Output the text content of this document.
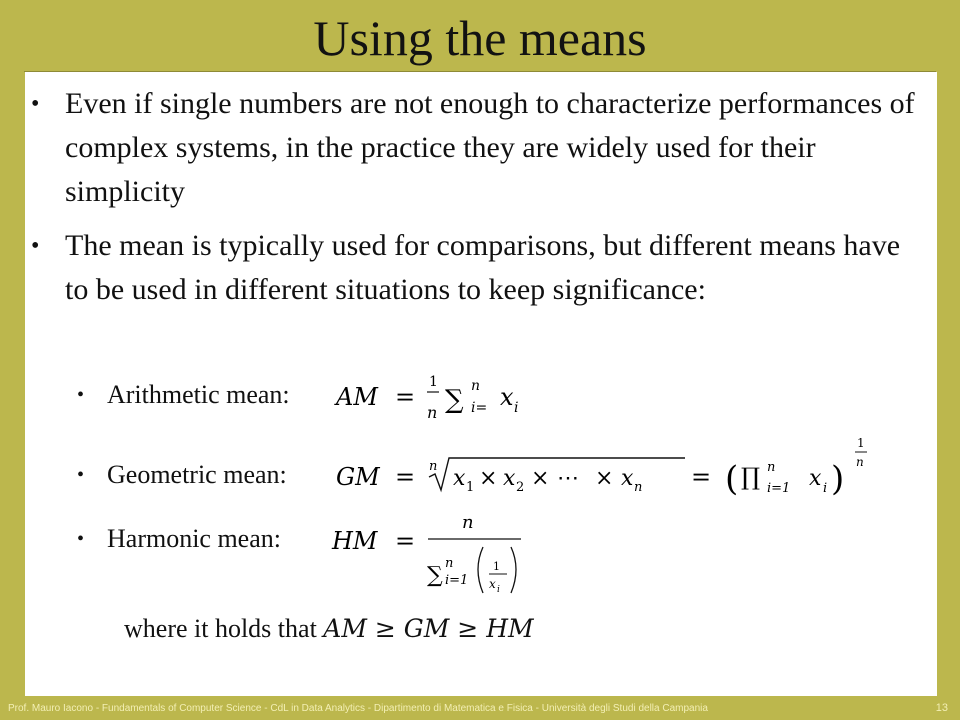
Using the means
• Even if single numbers are not enough to characterize performances of complex systems, in the practice they are widely used for their simplicity
• The mean is typically used for comparisons, but different means have to be used in different situations to keep significance:
• Arithmetic mean:
• Geometric mean:
• Harmonic mean:
where it holds that AM ≥ GM ≥ HM
AM =
1
n ∑ n
i= x i
GM = n x 1 × x 2 × ⋯ × x n = ( ∏ n
i=1 x i )
1
n
HM =
n
∑ n
i=1
1
x i
Prof. Mauro Iacono - Fundamentals of Computer Science - CdL in Data Analytics - Dipartimento di Matematica e Fisica - Università degli Studi della Campania	13
